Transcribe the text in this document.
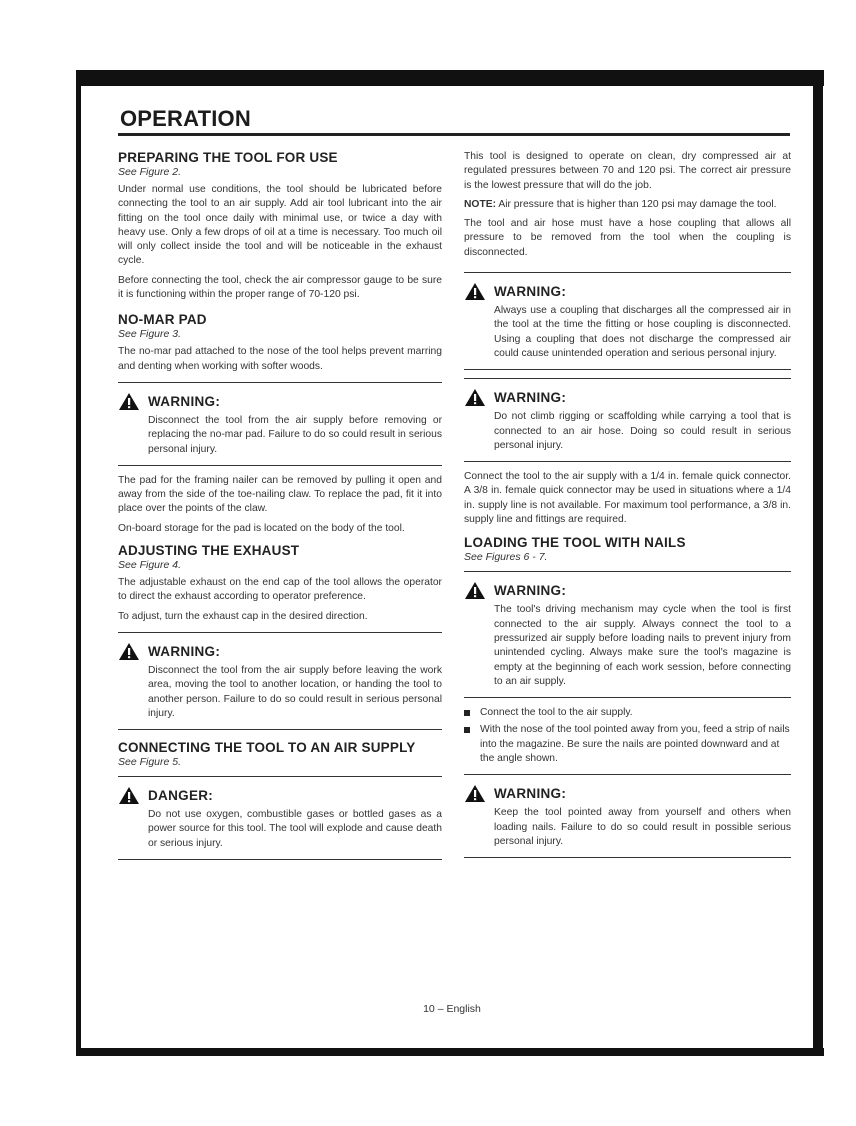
OPERATION
PREPARING THE TOOL FOR USE
See Figure 2.

Under normal use conditions, the tool should be lubricated before connecting the tool to an air supply. Add air tool lubricant into the air fitting on the tool once daily with minimal use, or twice a day with heavy use. Only a few drops of oil at a time is necessary. Too much oil will only collect inside the tool and will be noticeable in the exhaust cycle.

Before connecting the tool, check the air compressor gauge to be sure it is functioning within the proper range of 70-120 psi.

NO-MAR PAD
See Figure 3.

The no-mar pad attached to the nose of the tool helps prevent marring and denting when working with softer woods.

WARNING:
Disconnect the tool from the air supply before removing or replacing the no-mar pad. Failure to do so could result in serious personal injury.

The pad for the framing nailer can be removed by pulling it open and away from the side of the toe-nailing claw. To replace the pad, fit it into place over the points of the claw.

On-board storage for the pad is located on the body of the tool.

ADJUSTING THE EXHAUST
See Figure 4.

The adjustable exhaust on the end cap of the tool allows the operator to direct the exhaust according to operator preference.

To adjust, turn the exhaust cap in the desired direction.

WARNING:
Disconnect the tool from the air supply before leaving the work area, moving the tool to another location, or handing the tool to another person. Failure to do so could result in serious personal injury.
CONNECTING THE TOOL TO AN AIR SUPPLY
See Figure 5.
DANGER:
Do not use oxygen, combustible gases or bottled gases as a power source for this tool. The tool will explode and cause death or serious injury.

This tool is designed to operate on clean, dry compressed air at regulated pressures between 70 and 120 psi. The correct air pressure is the lowest pressure that will do the job.

NOTE: Air pressure that is higher than 120 psi may damage the tool.

The tool and air hose must have a hose coupling that allows all pressure to be removed from the tool when the coupling is disconnected.

WARNING:
Always use a coupling that discharges all the compressed air in the tool at the time the fitting or hose coupling is disconnected. Using a coupling that does not discharge the compressed air could cause unintended operation and serious personal injury.
WARNING:
Do not climb rigging or scaffolding while carrying a tool that is connected to an air hose. Doing so could result in serious personal injury.

Connect the tool to the air supply with a 1/4 in. female quick connector. A 3/8 in. female quick connector may be used in situations where a 1/4 in. supply line is not available. For maximum tool performance, a 3/8 in. supply line and fittings are required.

LOADING THE TOOL WITH NAILS
See Figures 6 - 7.
WARNING:
The tool's driving mechanism may cycle when the tool is first connected to the air supply. Always connect the tool to a pressurized air supply before loading nails to prevent injury from unintended cycling. Always make sure the tool's magazine is empty at the beginning of each work session, before connecting to an air supply.
Connect the tool to the air supply.
With the nose of the tool pointed away from you, feed a strip of nails into the magazine. Be sure the nails are pointed downward and at the angle shown.
WARNING:
Keep the tool pointed away from yourself and others when loading nails. Failure to do so could result in possible serious personal injury.
10 – English
